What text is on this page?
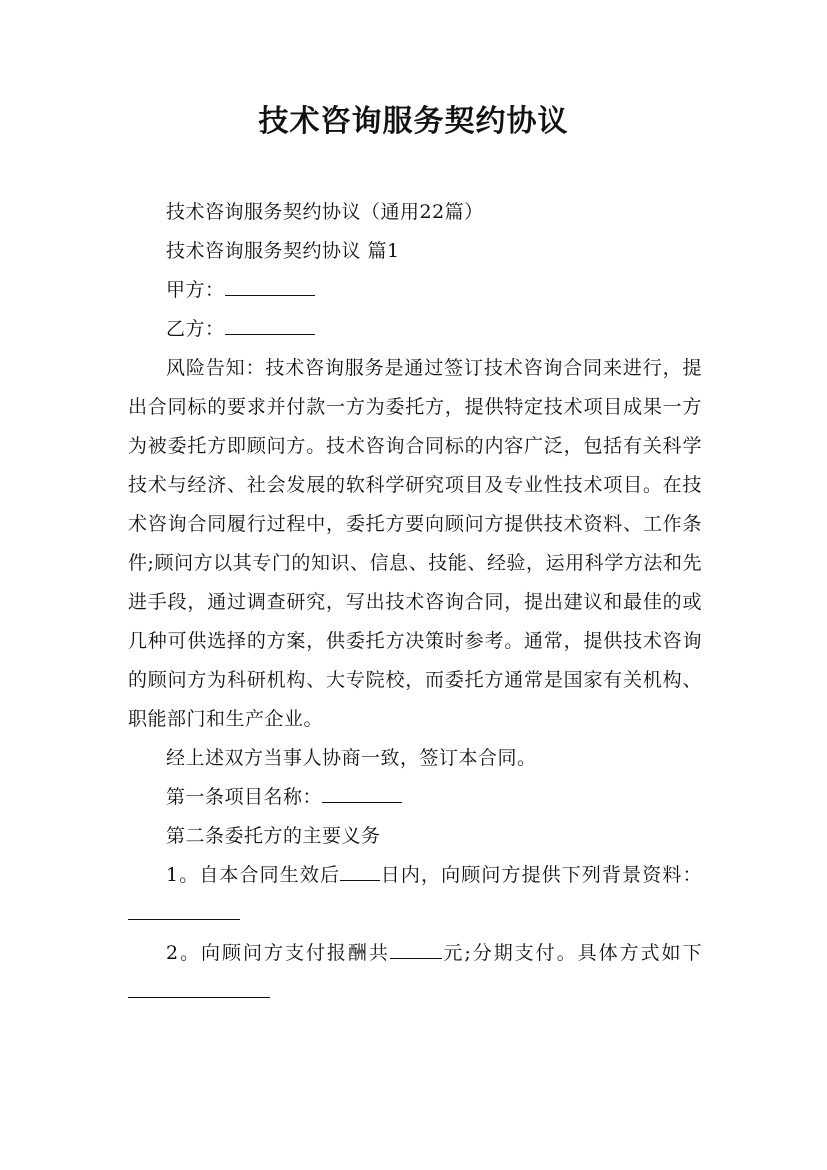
技术咨询服务契约协议

技术咨询服务契约协议（通用22篇）

技术咨询服务契约协议 篇1

甲方：

乙方：

风险告知：技术咨询服务是通过签订技术咨询合同来进行，提出合同标的要求并付款一方为委托方，提供特定技术项目成果一方为被委托方即顾问方。技术咨询合同标的内容广泛，包括有关科学技术与经济、社会发展的软科学研究项目及专业性技术项目。在技术咨询合同履行过程中，委托方要向顾问方提供技术资料、工作条件;顾问方以其专门的知识、信息、技能、经验，运用科学方法和先进手段，通过调查研究，写出技术咨询合同，提出建议和最佳的或几种可供选择的方案，供委托方决策时参考。通常，提供技术咨询的顾问方为科研机构、大专院校，而委托方通常是国家有关机构、职能部门和生产企业。

经上述双方当事人协商一致，签订本合同。

第一条项目名称：

第二条委托方的主要义务

1。自本合同生效后 日内，向顾问方提供下列背景资料：

2。向顾问方支付报酬共	元;分期支付。具体方式如下
